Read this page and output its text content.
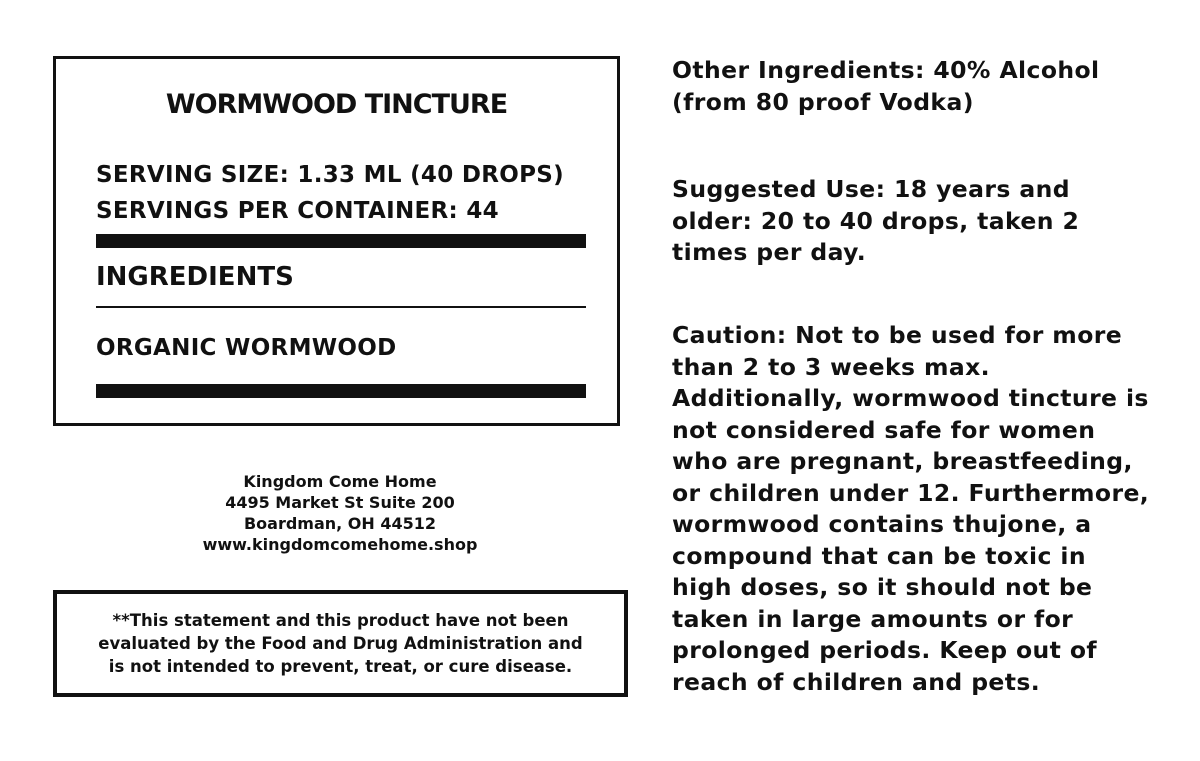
WORMWOOD TINCTURE
SERVING SIZE: 1.33 ML (40 DROPS)
SERVINGS PER CONTAINER: 44
INGREDIENTS
ORGANIC WORMWOOD
Kingdom Come Home
4495 Market St Suite 200
Boardman, OH 44512
www.kingdomcomehome.shop
**This statement and this product have not been
evaluated by the Food and Drug Administration and
is not intended to prevent, treat, or cure disease.
Other Ingredients: 40% Alcohol
(from 80 proof Vodka)
Suggested Use: 18 years and
older: 20 to 40 drops, taken 2
times per day.
Caution: Not to be used for more
than 2 to 3 weeks max.
Additionally, wormwood tincture is
not considered safe for women
who are pregnant, breastfeeding,
or children under 12. Furthermore,
wormwood contains thujone, a
compound that can be toxic in
high doses, so it should not be
taken in large amounts or for
prolonged periods. Keep out of
reach of children and pets.
